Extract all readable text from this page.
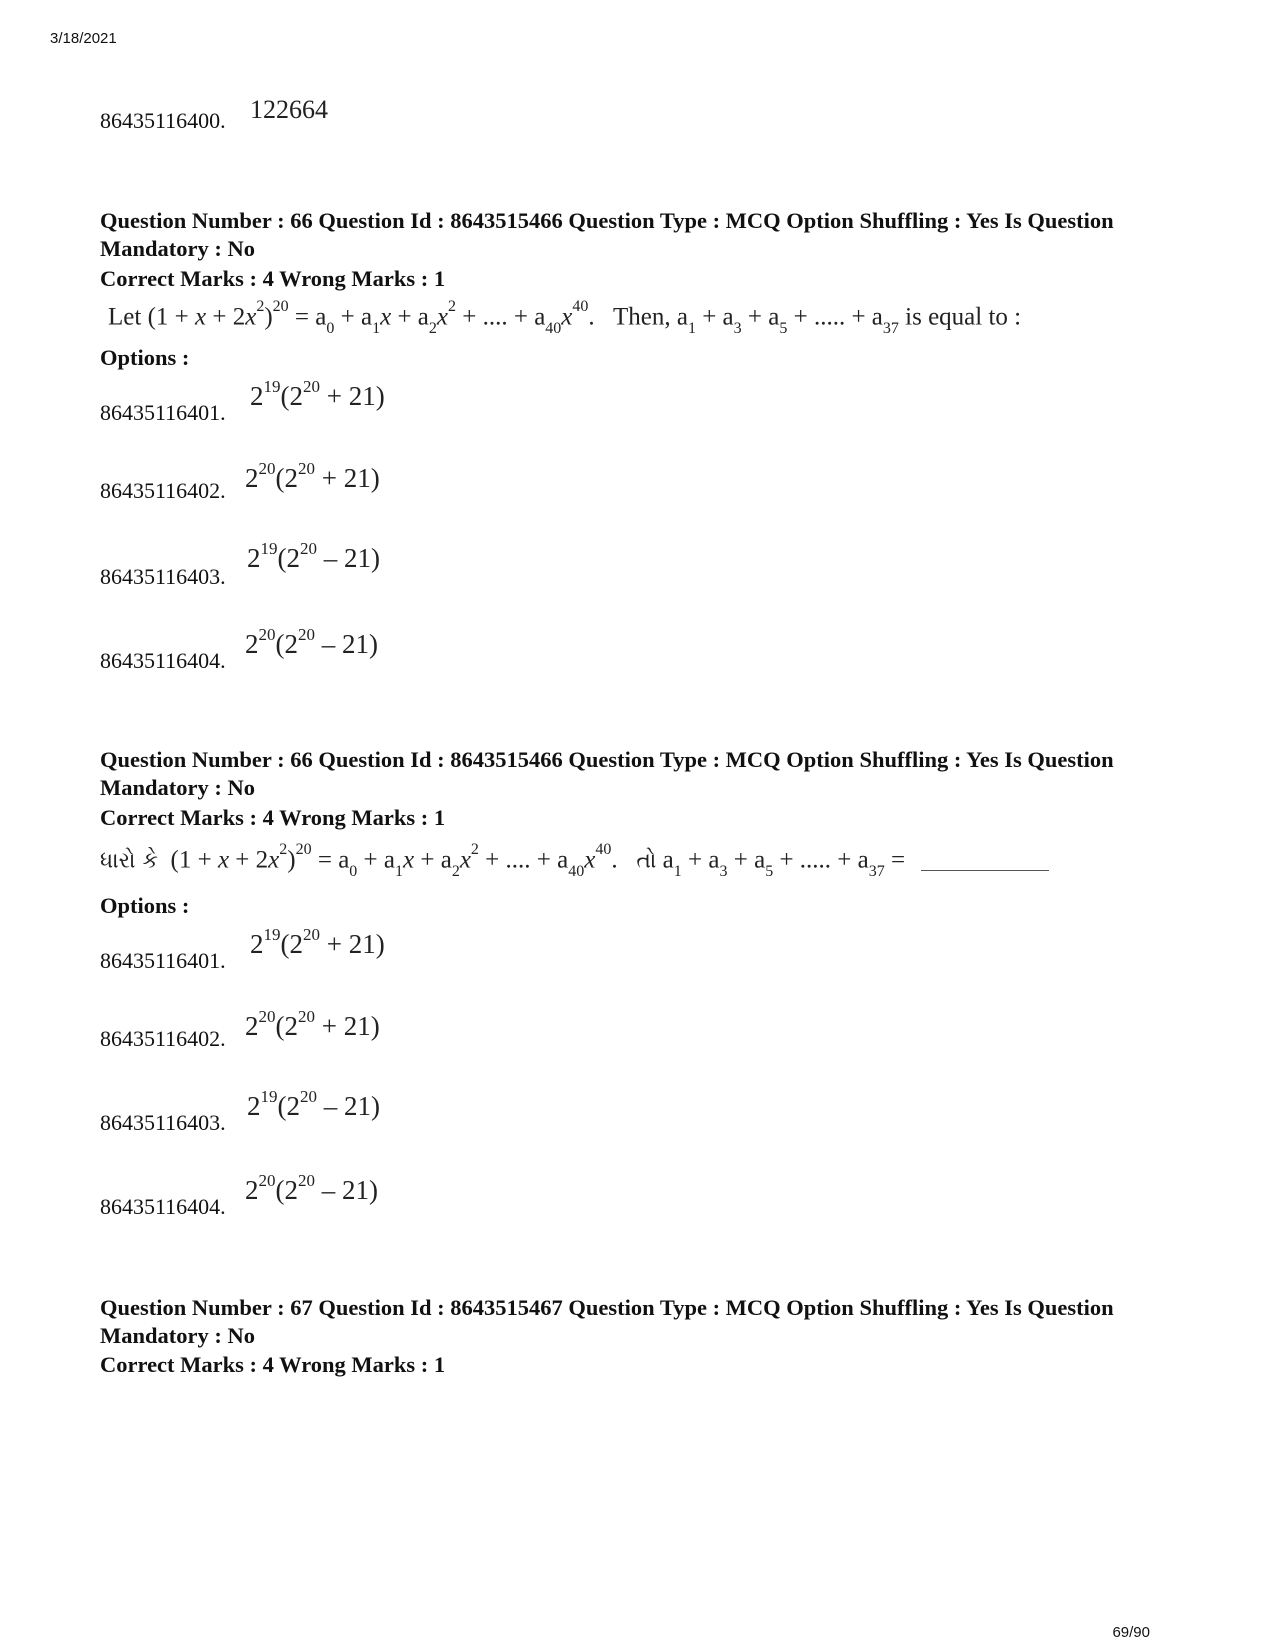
3/18/2021
86435116400. 122664
Question Number : 66 Question Id : 8643515466 Question Type : MCQ Option Shuffling : Yes Is Question Mandatory : No
Correct Marks : 4 Wrong Marks : 1
Let $(1 + x + 2x^2)^{20} = a_0 + a_1x + a_2x^2$ + .... + $a_{40}x^{40}$.   Then, $a_1 + a_3 + a_5$ + ..... + $a_{37}$ is equal to :
Options :
86435116401.
$2^{19}(2^{20} + 21)$
86435116402. $2^{20}(2^{20} + 21)$
86435116403.
$2^{19}(2^{20} - 21)$
86435116404.
$2^{20}(2^{20} - 21)$
Question Number : 66 Question Id : 8643515466 Question Type : MCQ Option Shuffling : Yes Is Question Mandatory : No
Correct Marks : 4 Wrong Marks : 1
ધારો કે  $(1 + x + 2x^2)^{20} = a_0 + a_1x + a_2x^2$ + .... + $a_{40}x^{40}$.   તો $a_1 + a_3 + a_5$ + ..... + $a_{37}$ =
Options :
86435116401.
$2^{19}(2^{20} + 21)$
86435116402. $2^{20}(2^{20} + 21)$
86435116403.
$2^{19}(2^{20} - 21)$
86435116404.
$2^{20}(2^{20} - 21)$
Question Number : 67 Question Id : 8643515467 Question Type : MCQ Option Shuffling : Yes Is Question Mandatory : No
Correct Marks : 4 Wrong Marks : 1
69/90
